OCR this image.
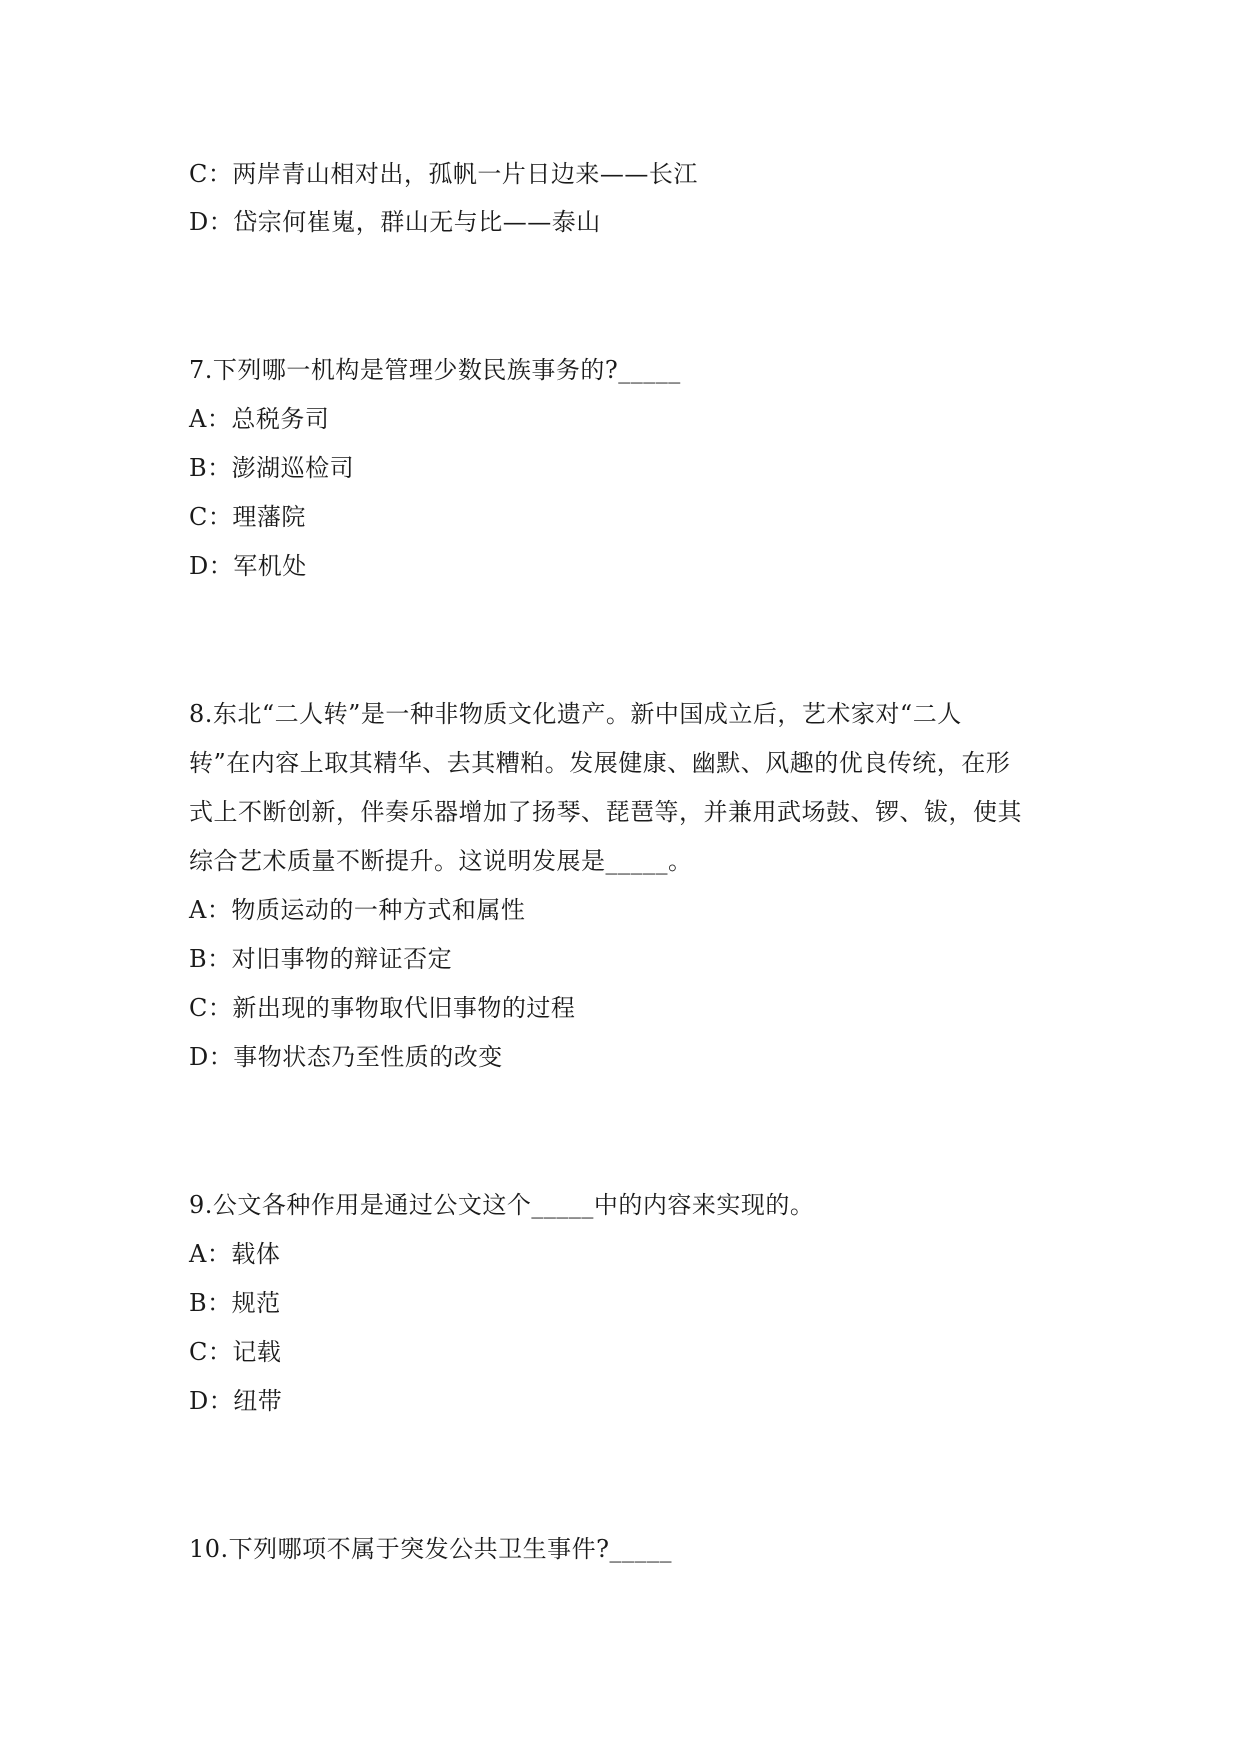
C：两岸青山相对出，孤帆一片日边来——长江
D：岱宗何崔嵬，群山无与比——泰山
7.下列哪一机构是管理少数民族事务的?_____
A：总税务司
B：澎湖巡检司
C：理藩院
D：军机处
8.东北“二人转”是一种非物质文化遗产。新中国成立后，艺术家对“二人
转”在内容上取其精华、去其糟粕。发展健康、幽默、风趣的优良传统，在形
式上不断创新，伴奏乐器增加了扬琴、琵琶等，并兼用武场鼓、锣、钹，使其
综合艺术质量不断提升。这说明发展是_____。
A：物质运动的一种方式和属性
B：对旧事物的辩证否定
C：新出现的事物取代旧事物的过程
D：事物状态乃至性质的改变
9.公文各种作用是通过公文这个_____中的内容来实现的。
A：载体
B：规范
C：记载
D：纽带
10.下列哪项不属于突发公共卫生事件?_____
